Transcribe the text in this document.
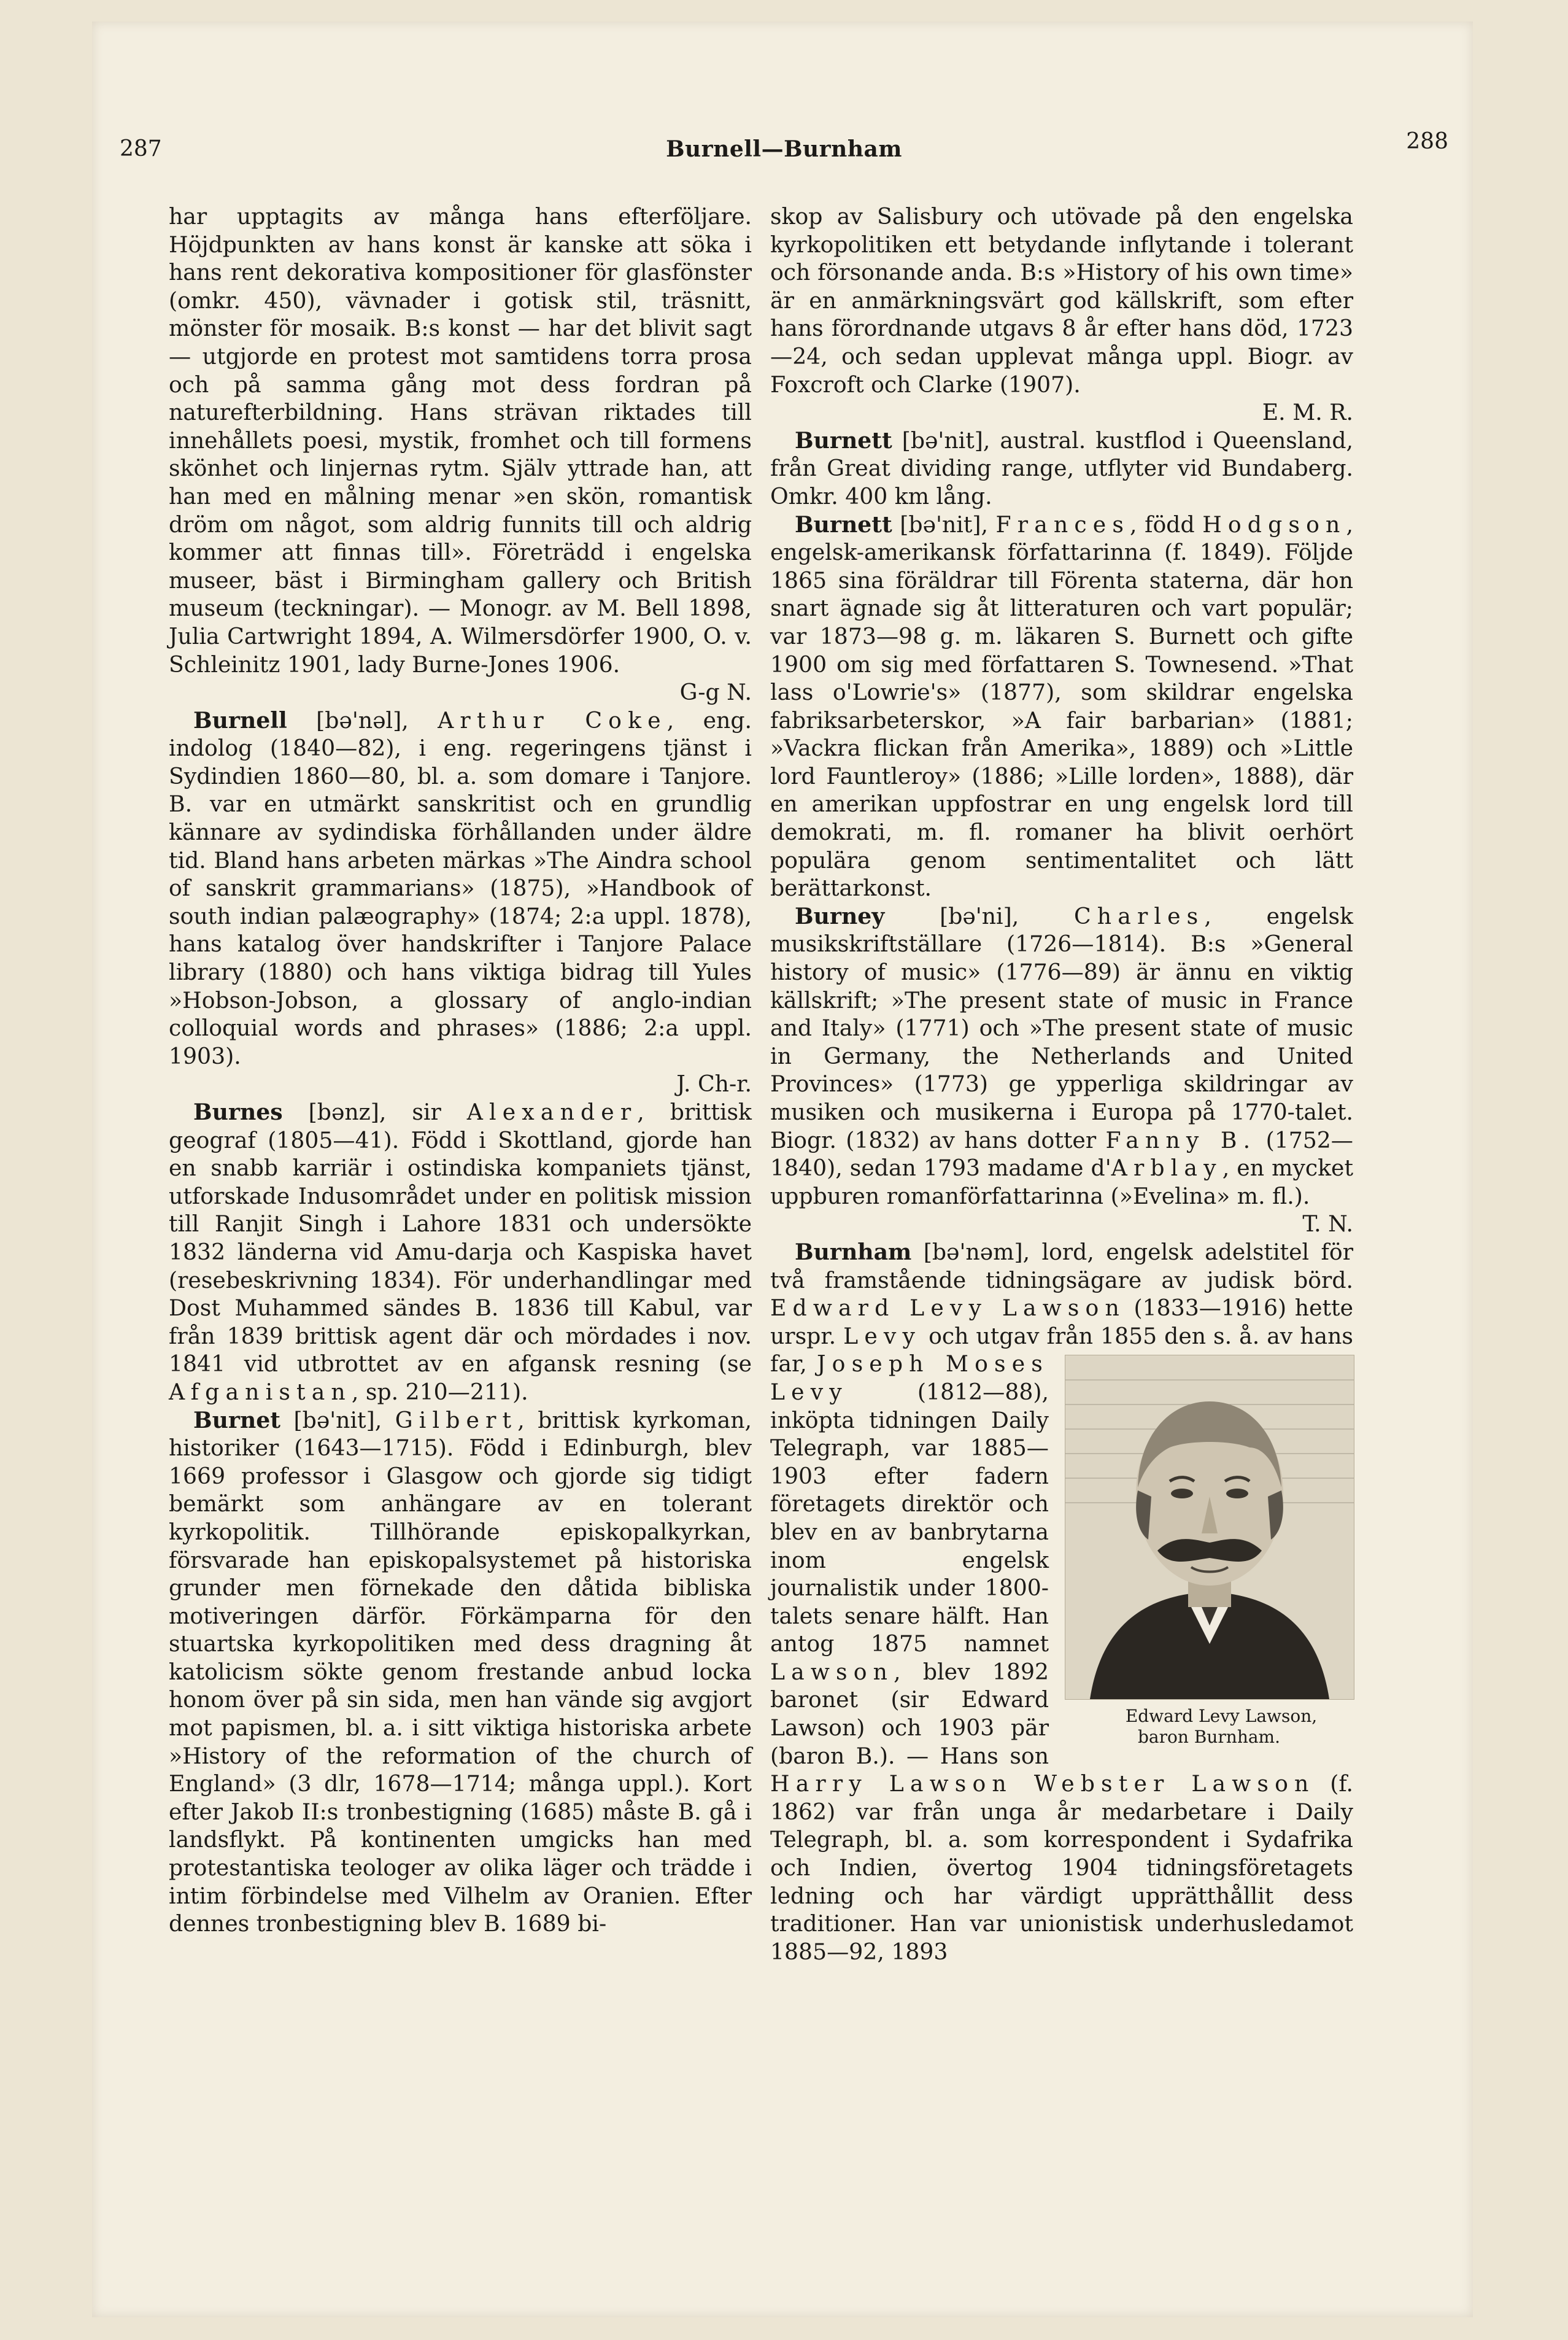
287	Burnell—Burnham	288

har upptagits av många hans efterföljare. Höjdpunkten av hans konst är kanske att söka i hans rent dekorativa kompositioner för glasfönster (omkr. 450), vävnader i gotisk stil, träsnitt, mönster för mosaik. B:s konst — har det blivit sagt — utgjorde en protest mot samtidens torra prosa och på samma gång mot dess fordran på naturefterbildning. Hans strävan riktades till innehållets poesi, mystik, fromhet och till formens skönhet och linjernas rytm. Själv yttrade han, att han med en målning menar »en skön, romantisk dröm om något, som aldrig funnits till och aldrig kommer att finnas till». Företrädd i engelska museer, bäst i Birmingham gallery och British museum (teckningar). — Monogr. av M. Bell 1898, Julia Cartwright 1894, A. Wilmersdörfer 1900, O. v. Schleinitz 1901, lady Burne-Jones 1906.
G-g N.

Burnell [bə'nəl], Arthur Coke, eng. indolog (1840—82), i eng. regeringens tjänst i Sydindien 1860—80, bl. a. som domare i Tanjore. B. var en utmärkt sanskritist och en grundlig kännare av sydindiska förhållanden under äldre tid. Bland hans arbeten märkas »The Aindra school of sanskrit grammarians» (1875), »Handbook of south indian palæography» (1874; 2:a uppl. 1878), hans katalog över handskrifter i Tanjore Palace library (1880) och hans viktiga bidrag till Yules »Hobson-Jobson, a glossary of anglo-indian colloquial words and phrases» (1886; 2:a uppl. 1903).
J. Ch-r.

Burnes [bənz], sir Alexander, brittisk geograf (1805—41). Född i Skottland, gjorde han en snabb karriär i ostindiska kompaniets tjänst, utforskade Indusområdet under en politisk mission till Ranjit Singh i Lahore 1831 och undersökte 1832 länderna vid Amu-darja och Kaspiska havet (resebeskrivning 1834). För underhandlingar med Dost Muhammed sändes B. 1836 till Kabul, var från 1839 brittisk agent där och mördades i nov. 1841 vid utbrottet av en afgansk resning (se Afganistan, sp. 210—211).

Burnet [bə'nit], Gilbert, brittisk kyrkoman, historiker (1643—1715). Född i Edinburgh, blev 1669 professor i Glasgow och gjorde sig tidigt bemärkt som anhängare av en tolerant kyrkopolitik. Tillhörande episkopalkyrkan, försvarade han episkopalsystemet på historiska grunder men förnekade den dåtida bibliska motiveringen därför. Förkämparna för den stuartska kyrkopolitiken med dess dragning åt katolicism sökte genom frestande anbud locka honom över på sin sida, men han vände sig avgjort mot papismen, bl. a. i sitt viktiga historiska arbete »History of the reformation of the church of England» (3 dlr, 1678—1714; många uppl.). Kort efter Jakob II:s tronbestigning (1685) måste B. gå i landsflykt. På kontinenten umgicks han med protestantiska teologer av olika läger och trädde i intim förbindelse med Vilhelm av Oranien. Efter dennes tronbestigning blev B. 1689 bi-

skop av Salisbury och utövade på den engelska kyrkopolitiken ett betydande inflytande i tolerant och försonande anda. B:s »History of his own time» är en anmärkningsvärt god källskrift, som efter hans förordnande utgavs 8 år efter hans död, 1723—24, och sedan upplevat många uppl. Biogr. av Foxcroft och Clarke (1907).
E. M. R.

Burnett [bə'nit], austral. kustflod i Queensland, från Great dividing range, utflyter vid Bundaberg. Omkr. 400 km lång.

Burnett [bə'nit], Frances, född Hodgson, engelsk-amerikansk författarinna (f. 1849). Följde 1865 sina föräldrar till Förenta staterna, där hon snart ägnade sig åt litteraturen och vart populär; var 1873—98 g. m. läkaren S. Burnett och gifte 1900 om sig med författaren S. Townesend. »That lass o'Lowrie's» (1877), som skildrar engelska fabriksarbeterskor, »A fair barbarian» (1881; »Vackra flickan från Amerika», 1889) och »Little lord Fauntleroy» (1886; »Lille lorden», 1888), där en amerikan uppfostrar en ung engelsk lord till demokrati, m. fl. romaner ha blivit oerhört populära genom sentimentalitet och lätt berättarkonst.

Burney [bə'ni], Charles, engelsk musikskriftställare (1726—1814). B:s »General history of music» (1776—89) är ännu en viktig källskrift; »The present state of music in France and Italy» (1771) och »The present state of music in Germany, the Netherlands and United Provinces» (1773) ge ypperliga skildringar av musiken och musikerna i Europa på 1770-talet. Biogr. (1832) av hans dotter Fanny B. (1752—1840), sedan 1793 madame d'Arblay, en mycket uppburen romanförfattarinna (»Evelina» m. fl.).
T. N.

Burnham [bə'nəm], lord, engelsk adelstitel för två framstående tidningsägare av judisk börd. Edward Levy Lawson (1833—1916) hette urspr. Levy och utgav från 1855 den s. å. av hans far,
Edward Levy Lawson,
baron Burnham.
Joseph Moses Levy (1812—88), inköpta tidningen Daily Telegraph, var 1885—1903 efter fadern företagets direktör och blev en av banbrytarna inom engelsk journalistik under 1800-talets senare hälft. Han antog 1875 namnet Lawson, blev 1892 baronet (sir Edward Lawson) och 1903 pär (baron B.). — Hans son Harry Lawson Webster Lawson (f. 1862) var från unga år medarbetare i Daily Telegraph, bl. a. som korrespondent i Sydafrika och Indien, övertog 1904 tidningsföretagets ledning och har värdigt upprätthållit dess traditioner. Han var unionistisk underhusledamot 1885—92, 1893
